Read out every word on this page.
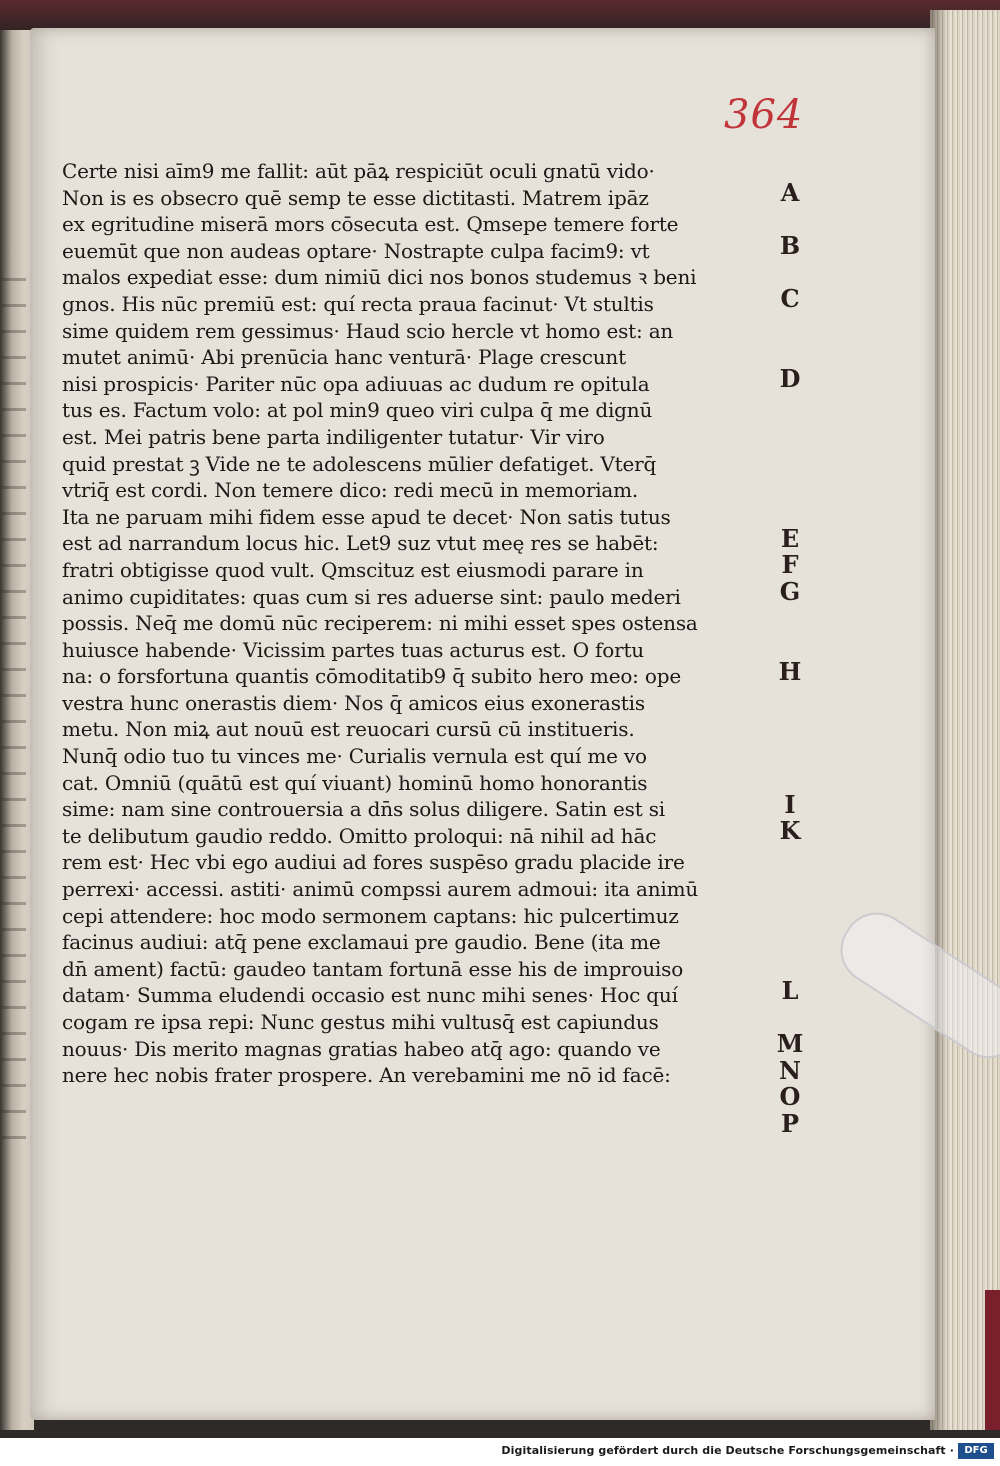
364
Certe nisi aīm9 me fallit: aūt pāꝝ respiciūt oculi gnatū vido·
Non is es obsecro quē semp te esse dictitasti. Matrem ipāz
ex egritudine miserā mors cōsecuta est. Qmsepe temere forte
euemūt que non audeas optare· Nostrapte culpa facim9: vt
malos expediat esse: dum nimiū dici nos bonos studemus ꝛ beni
gnos. His nūc premiū est: quí recta praua facinut· Vt stultis
sime quidem rem gessimus· Haud scio hercle vt homo est: an
mutet animū· Abi prenūcia hanc venturā· Plage crescunt
nisi prospicis· Pariter nūc opa adiuuas ac dudum re opitula
tus es. Factum volo: at pol min9 queo viri culpa q̄ me dignū
est. Mei patris bene parta indiligenter tutatur· Vir viro
quid prestat ꝫ Vide ne te adolescens mūlier defatiget. Vterq̄
vtriq̄ est cordi. Non temere dico: redi mecū in memoriam.
Ita ne paruam mihi fidem esse apud te decet· Non satis tutus
est ad narrandum locus hic. Let9 suz vtut meę res se habēt:
fratri obtigisse quod vult. Qmscituz est eiusmodi parare in
animo cupiditates: quas cum si res aduerse sint: paulo mederi
possis. Neq̄ me domū nūc reciperem: ni mihi esset spes ostensa
huiusce habende· Vicissim partes tuas acturus est. O fortu
na: o forsfortuna quantis cōmoditatib9 q̄ subito hero meo: ope
vestra hunc onerastis diem· Nos q̄ amicos eius exonerastis
metu. Non miꝝ aut nouū est reuocari cursū cū institueris.
Nunq̄ odio tuo tu vinces me· Curialis vernula est quí me vo
cat. Omniū (quātū est quí viuant) hominū homo honorantis
sime: nam sine controuersia a dn̄s solus diligere. Satin est si
te delibutum gaudio reddo. Omitto proloqui: nā nihil ad hāc
rem est· Hec vbi ego audiui ad fores suspēso gradu placide ire
perrexi· accessi. astiti· animū compssi aurem admoui: ita animū
cepi attendere: hoc modo sermonem captans: hic pulcertimuz
facinus audiui: atq̄ pene exclamaui pre gaudio. Bene (ita me
dn̄ ament) factū: gaudeo tantam fortunā esse his de improuiso
datam· Summa eludendi occasio est nunc mihi senes· Hoc quí
cogam re ipsa repi: Nunc gestus mihi vultusq̄ est capiundus
nouus· Dis merito magnas gratias habeo atq̄ ago: quando ve
nere hec nobis frater prospere. An verebamini me nō id facē:
A
B
C
D
E
F
G
H
I
K
L
M
N
O
P
Digitalisierung gefördert durch die Deutsche Forschungsgemeinschaft ·	DFG
